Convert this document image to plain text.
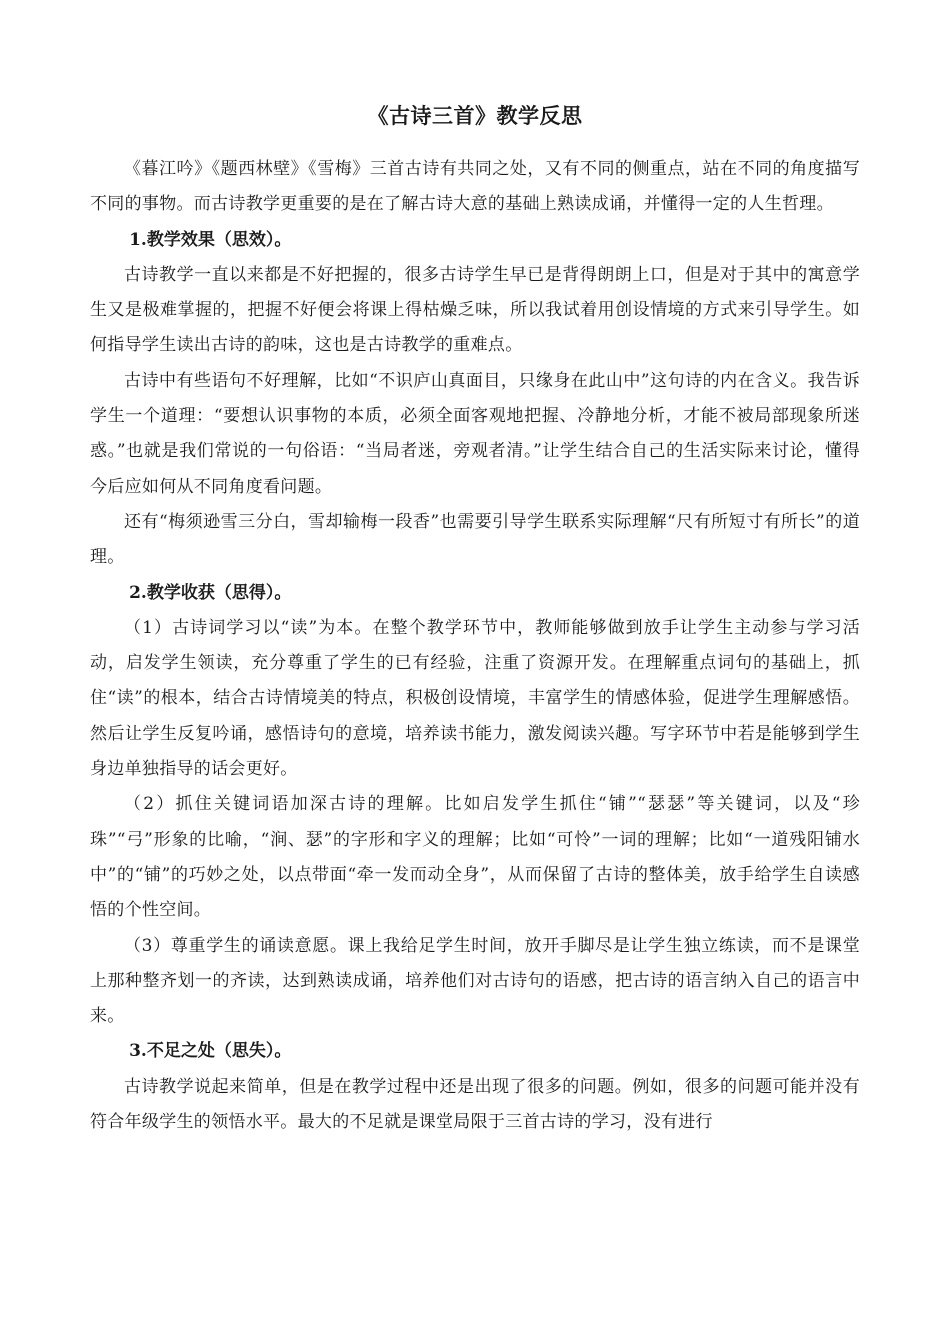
《古诗三首》教学反思

《暮江吟》《题西林壁》《雪梅》三首古诗有共同之处，又有不同的侧重点，站在不同的角度描写不同的事物。而古诗教学更重要的是在了解古诗大意的基础上熟读成诵，并懂得一定的人生哲理。

1.教学效果（思效）。

古诗教学一直以来都是不好把握的，很多古诗学生早已是背得朗朗上口，但是对于其中的寓意学生又是极难掌握的，把握不好便会将课上得枯燥乏味，所以我试着用创设情境的方式来引导学生。如何指导学生读出古诗的韵味，这也是古诗教学的重难点。

古诗中有些语句不好理解，比如“不识庐山真面目，只缘身在此山中”这句诗的内在含义。我告诉学生一个道理：“要想认识事物的本质，必须全面客观地把握、冷静地分析，才能不被局部现象所迷惑。”也就是我们常说的一句俗语：“当局者迷，旁观者清。”让学生结合自己的生活实际来讨论，懂得今后应如何从不同角度看问题。

还有“梅须逊雪三分白，雪却输梅一段香”也需要引导学生联系实际理解“尺有所短寸有所长”的道理。

2.教学收获（思得）。

（1）古诗词学习以“读”为本。在整个教学环节中，教师能够做到放手让学生主动参与学习活动，启发学生领读，充分尊重了学生的已有经验，注重了资源开发。在理解重点词句的基础上，抓住“读”的根本，结合古诗情境美的特点，积极创设情境，丰富学生的情感体验，促进学生理解感悟。然后让学生反复吟诵，感悟诗句的意境，培养读书能力，激发阅读兴趣。写字环节中若是能够到学生身边单独指导的话会更好。

（2）抓住关键词语加深古诗的理解。比如启发学生抓住“铺”“瑟瑟”等关键词，以及“珍珠”“弓”形象的比喻，“涧、瑟”的字形和字义的理解；比如“可怜”一词的理解；比如“一道残阳铺水中”的“铺”的巧妙之处，以点带面“牵一发而动全身”，从而保留了古诗的整体美，放手给学生自读感悟的个性空间。

（3）尊重学生的诵读意愿。课上我给足学生时间，放开手脚尽是让学生独立练读，而不是课堂上那种整齐划一的齐读，达到熟读成诵，培养他们对古诗句的语感，把古诗的语言纳入自己的语言中来。

3.不足之处（思失）。

古诗教学说起来简单，但是在教学过程中还是出现了很多的问题。例如，很多的问题可能并没有符合年级学生的领悟水平。最大的不足就是课堂局限于三首古诗的学习，没有进行
